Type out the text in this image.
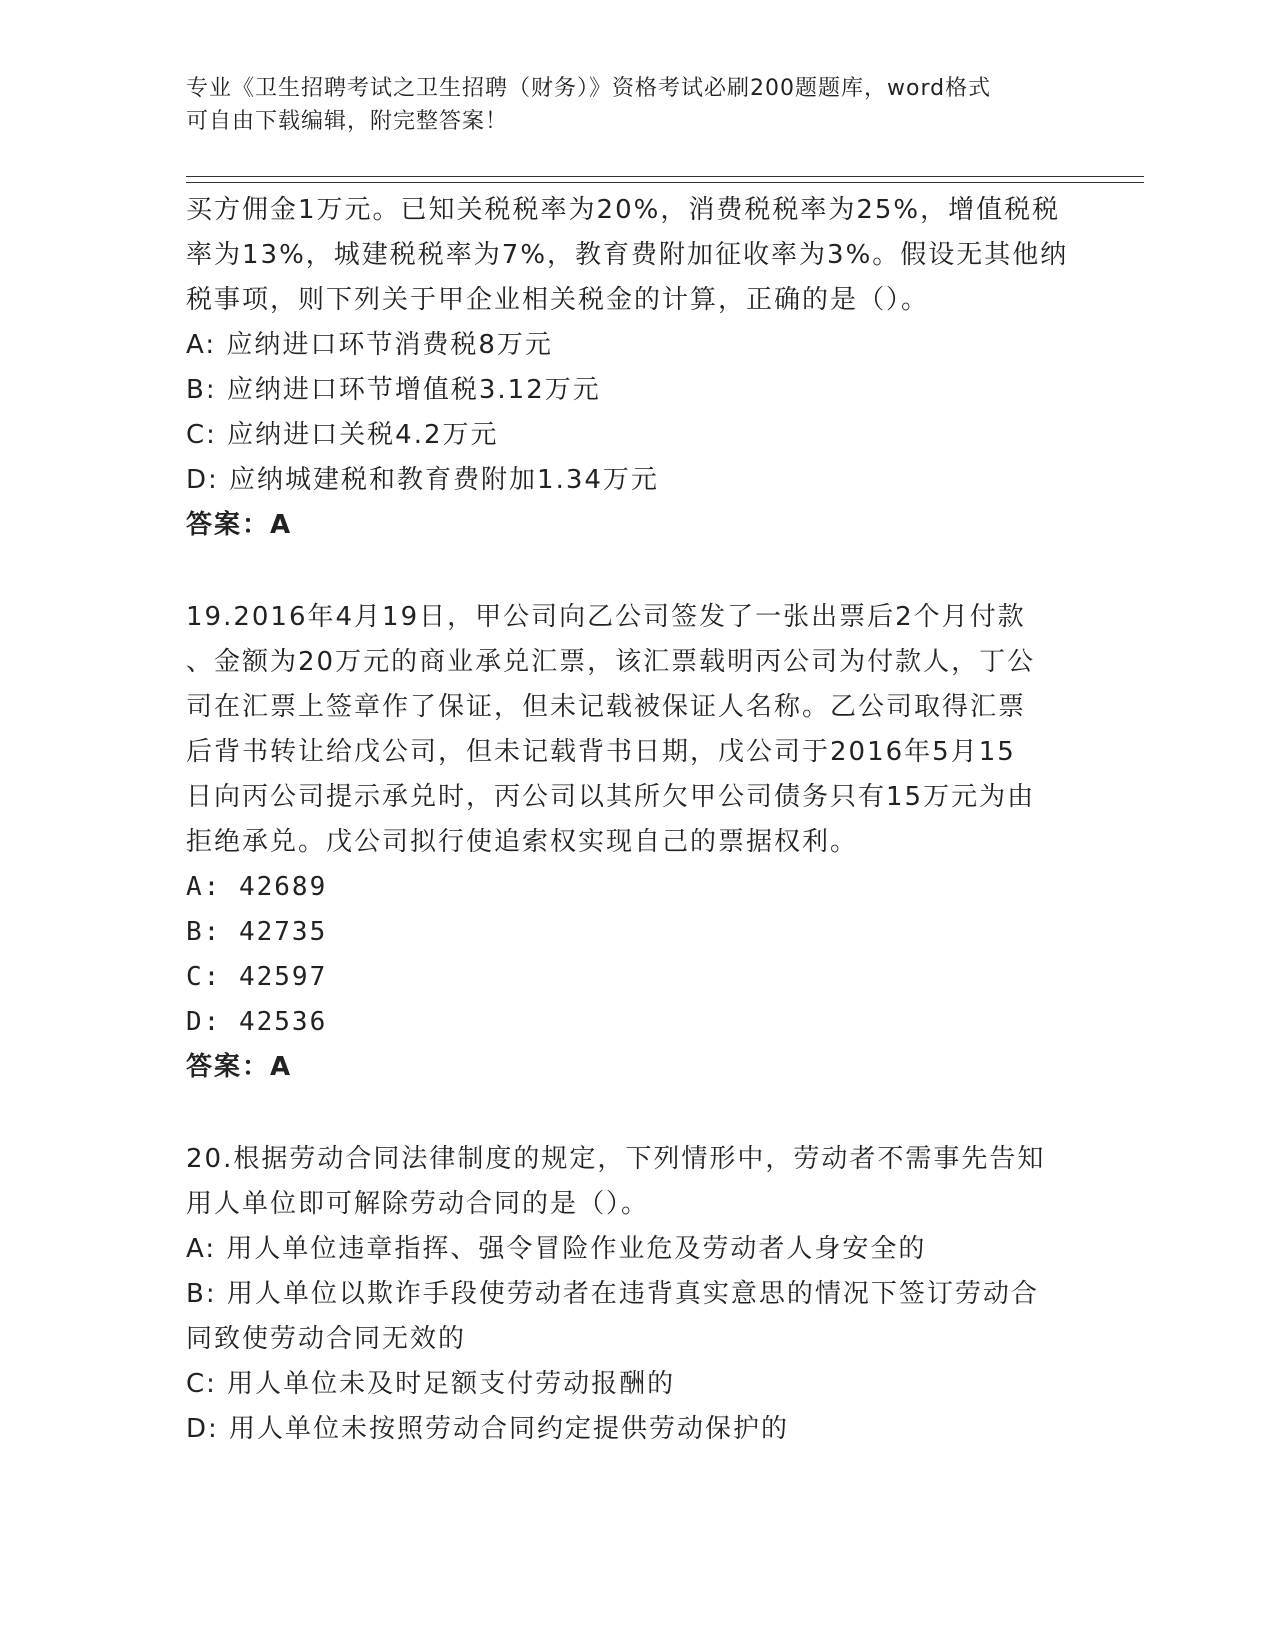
专业《卫生招聘考试之卫生招聘（财务）》资格考试必刷200题题库，word格式
可自由下载编辑，附完整答案！
买方佣金1万元。已知关税税率为20%，消费税税率为25%，增值税税
率为13%，城建税税率为7%，教育费附加征收率为3%。假设无其他纳
税事项，则下列关于甲企业相关税金的计算，正确的是（）。
A: 应纳进口环节消费税8万元
B: 应纳进口环节增值税3.12万元
C: 应纳进口关税4.2万元
D: 应纳城建税和教育费附加1.34万元
答案：A
19.2016年4月19日，甲公司向乙公司签发了一张出票后2个月付款
、金额为20万元的商业承兑汇票，该汇票载明丙公司为付款人，丁公
司在汇票上签章作了保证，但未记载被保证人名称。乙公司取得汇票
后背书转让给戊公司，但未记载背书日期，戊公司于2016年5月15
日向丙公司提示承兑时，丙公司以其所欠甲公司债务只有15万元为由
拒绝承兑。戊公司拟行使追索权实现自己的票据权利。
A: 42689
B: 42735
C: 42597
D: 42536
答案：A
20.根据劳动合同法律制度的规定，下列情形中，劳动者不需事先告知
用人单位即可解除劳动合同的是（）。
A: 用人单位违章指挥、强令冒险作业危及劳动者人身安全的
B: 用人单位以欺诈手段使劳动者在违背真实意思的情况下签订劳动合
同致使劳动合同无效的
C: 用人单位未及时足额支付劳动报酬的
D: 用人单位未按照劳动合同约定提供劳动保护的
